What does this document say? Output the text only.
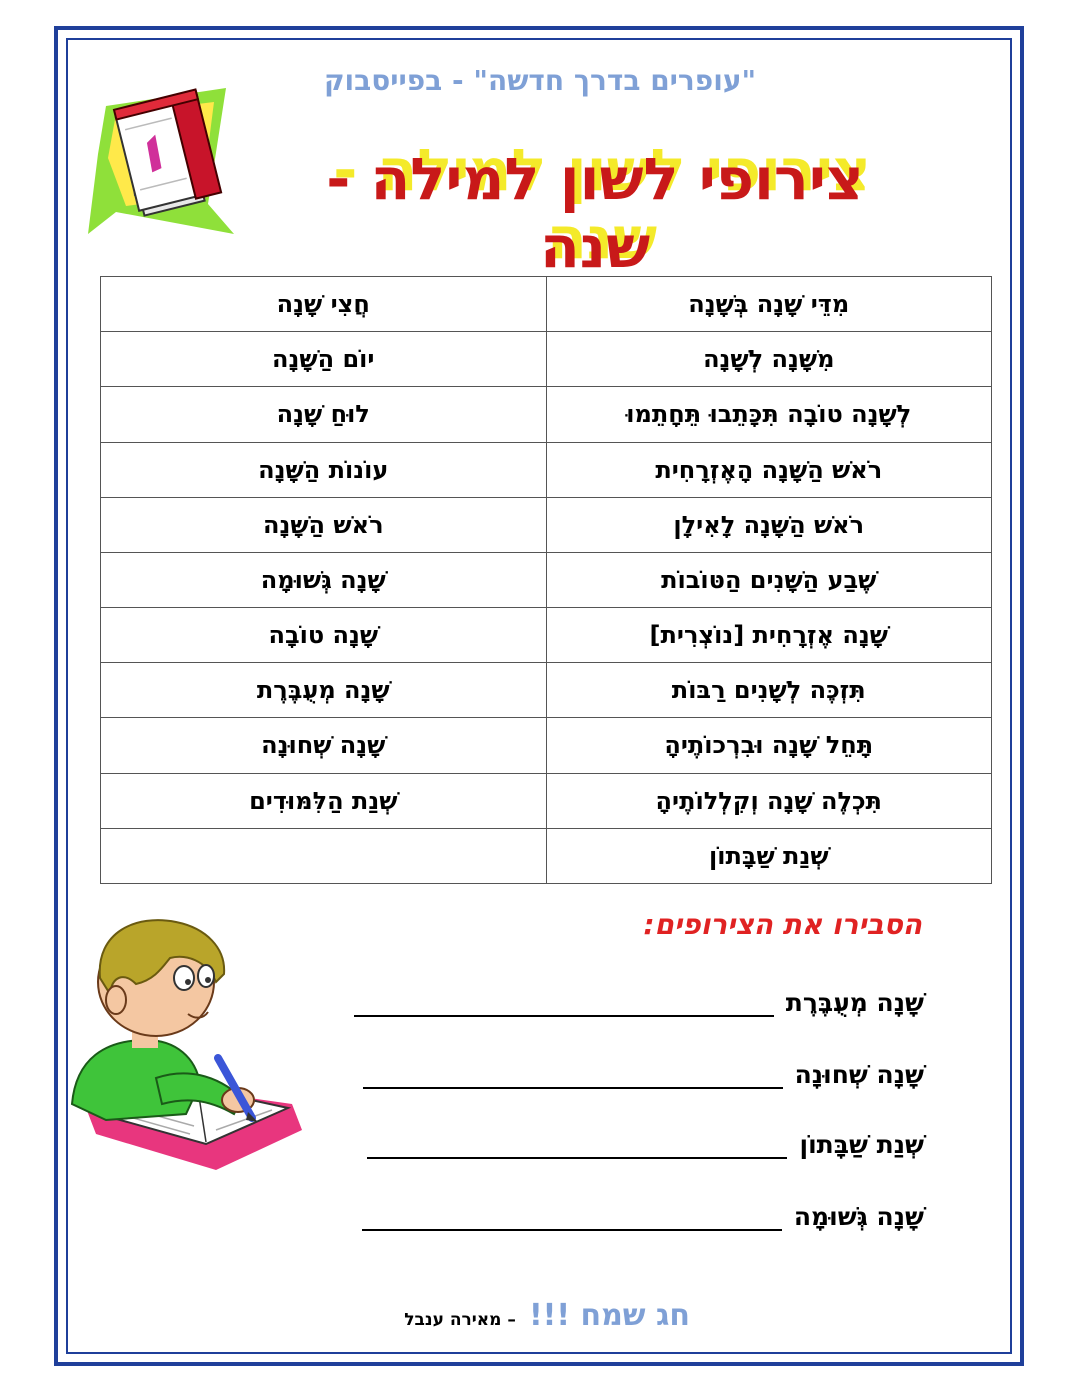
"עופרים בדרך חדשה" - בפייסבוק
צירופי לשון למילה - שנה
מִדֵּי שָׁנָה בְּשָׁנָה	חֲצִי שָׁנָה
מִשָּׁנָה לְשָׁנָה	יוֹם הַשָּׁנָה
לְשָׁנָה טוֹבָה תִּכָּתֵבוּ תֵּחָתֵמוּ	לוּחַ שָׁנָה
רֹאשׁ הַשָּׁנָה הָאֶזְרָחִית	עוֹנוֹת הַשָּׁנָה
רֹאשׁ הַשָּׁנָה לָאִילָן	רֹאשׁ הַשָּׁנָה
שֶׁבַע הַשָּׁנִים הַטּוֹבוֹת	שָׁנָה גְּשׁוּמָה
שָׁנָה אֶזְרָחִית [נוֹצְרִית]	שָׁנָה טוֹבָה
תִּזְכֶּה לְשָׁנִים רַבּוֹת	שָׁנָה מְעֻבֶּרֶת
תָּחֵל שָׁנָה וּבִרְכוֹתֶיהָ	שָׁנָה שְׁחוּנָה
תִּכְלֶה שָׁנָה וְקִלְלוֹתֶיהָ	שְׁנַת הַלִּמּוּדִים
שְׁנַת שַׁבָּתוֹן	
הסבירו את הצירופים:
שָׁנָה מְעֻבֶּרֶת
שָׁנָה שְׁחוּנָה
שְׁנַת שַׁבָּתוֹן
שָׁנָה גְּשׁוּמָה
חג שמח !!! – מאירה ענבל
